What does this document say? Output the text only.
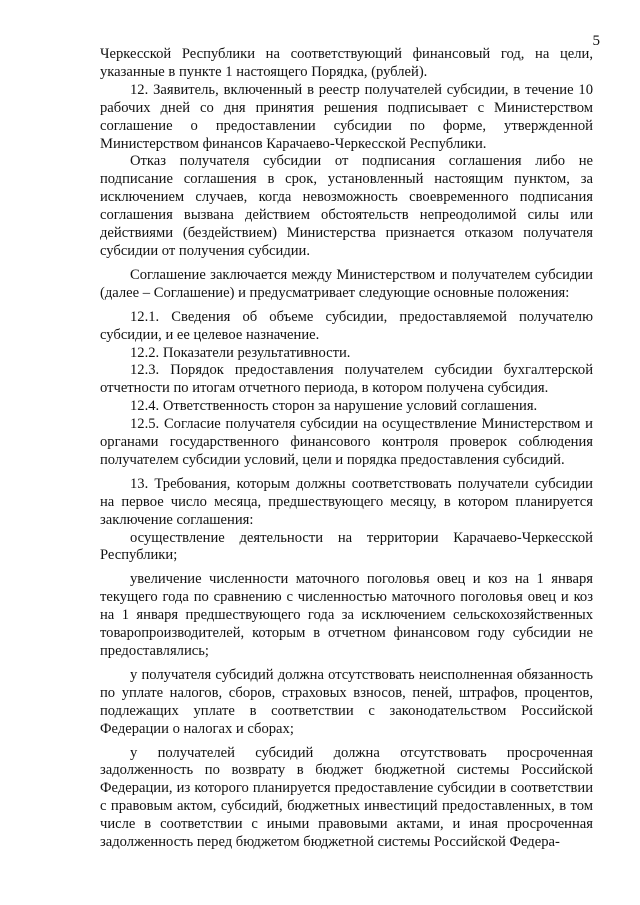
5

Черкесской Республики на соответствующий финансовый год, на цели, указанные в пункте 1 настоящего Порядка, (рублей).

12. Заявитель, включенный в реестр получателей субсидии, в течение 10 рабочих дней со дня принятия решения подписывает с Министерством соглашение о предоставлении субсидии по форме, утвержденной Министерством финансов Карачаево-Черкесской Республики.

Отказ получателя субсидии от подписания соглашения либо не подписание соглашения в срок, установленный настоящим пунктом, за исключением случаев, когда невозможность своевременного подписания соглашения вызвана действием обстоятельств непреодолимой силы или действиями (бездействием) Министерства признается отказом получателя субсидии от получения субсидии.

Соглашение заключается между Министерством и получателем субсидии (далее – Соглашение) и предусматривает следующие основные положения:

12.1. Сведения об объеме субсидии, предоставляемой получателю субсидии, и ее целевое назначение.

12.2. Показатели результативности.

12.3. Порядок предоставления получателем субсидии бухгалтерской отчетности по итогам отчетного периода, в котором получена субсидия.

12.4. Ответственность сторон за нарушение условий соглашения.

12.5. Согласие получателя субсидии на осуществление Министерством и органами государственного финансового контроля проверок соблюдения получателем субсидии условий, цели и порядка предоставления субсидий.

13. Требования, которым должны соответствовать получатели субсидии на первое число месяца, предшествующего месяцу, в котором планируется заключение соглашения:

осуществление деятельности на территории Карачаево-Черкесской Республики;

увеличение численности маточного поголовья овец и коз на 1 января текущего года по сравнению с численностью маточного поголовья овец и коз на 1 января предшествующего года за исключением сельскохозяйственных товаропроизводителей, которым в отчетном финансовом году субсидии не предоставлялись;

у получателя субсидий должна отсутствовать неисполненная обязанность по уплате налогов, сборов, страховых взносов, пеней, штрафов, процентов, подлежащих уплате в соответствии с законодательством Российской Федерации о налогах и сборах;

у получателей субсидий должна отсутствовать просроченная задолженность по возврату в бюджет бюджетной системы Российской Федерации, из которого планируется предоставление субсидии в соответствии с правовым актом, субсидий, бюджетных инвестиций предоставленных, в том числе в соответствии с иными правовыми актами, и иная просроченная задолженность перед бюджетом бюджетной системы Российской Федера-
